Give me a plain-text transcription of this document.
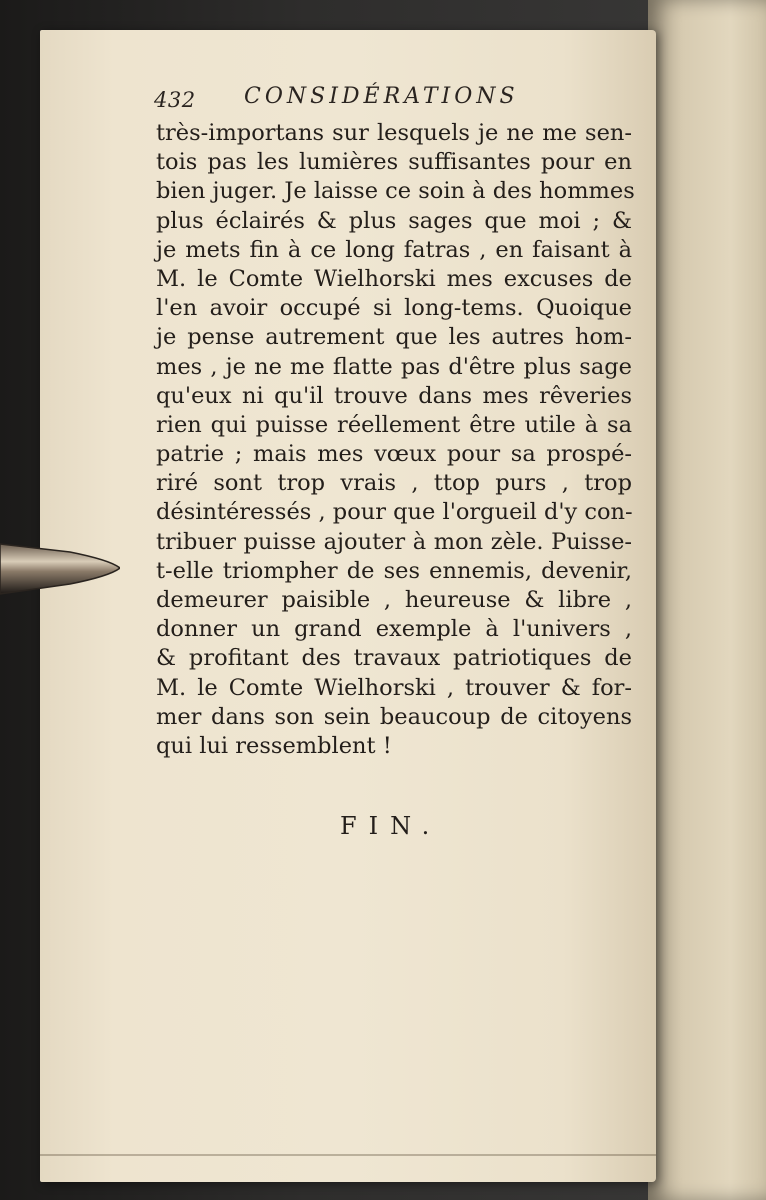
432 CONSIDÉRATIONS
très-importans sur lesquels je ne me sen-
tois pas les lumières suffisantes pour en
bien juger. Je laisse ce soin à des hommes
plus éclairés & plus sages que moi ; &
je mets fin à ce long fatras , en faisant à
M. le Comte Wielhorski mes excuses de
l'en avoir occupé si long-tems. Quoique
je pense autrement que les autres hom-
mes , je ne me flatte pas d'être plus sage
qu'eux ni qu'il trouve dans mes rêveries
rien qui puisse réellement être utile à sa
patrie ; mais mes vœux pour sa prospé-
riré sont trop vrais , ttop purs , trop
désintéressés , pour que l'orgueil d'y con-
tribuer puisse ajouter à mon zèle. Puisse-
t-elle triompher de ses ennemis, devenir,
demeurer paisible , heureuse & libre ,
donner un grand exemple à l'univers ,
& profitant des travaux patriotiques de
M. le Comte Wielhorski , trouver & for-
mer dans son sein beaucoup de citoyens
qui lui ressemblent !
FIN.
